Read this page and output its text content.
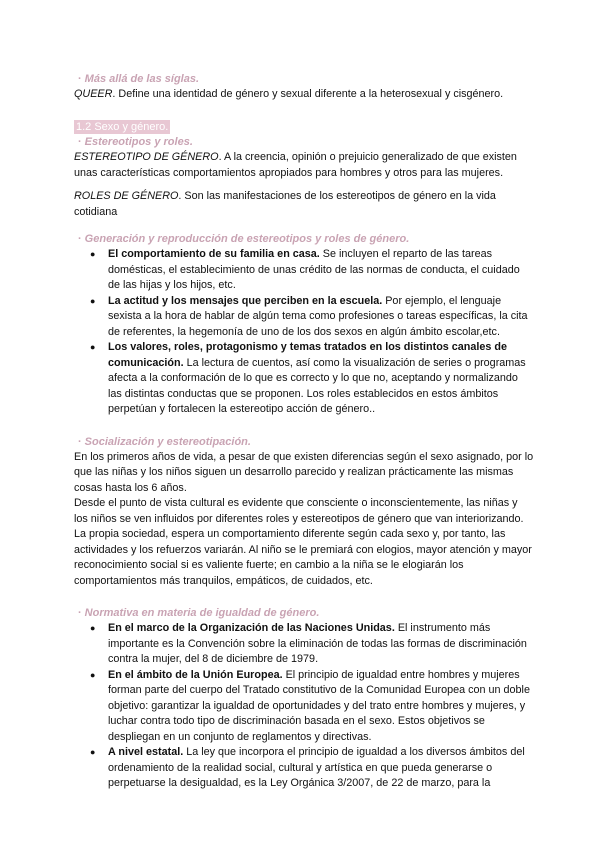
· Más allá de las síglas.

QUEER. Define una identidad de género y sexual diferente a la heterosexual y cisgénero.

1.2 Sexo y género.
· Estereotipos y roles.

ESTEREOTIPO DE GÉNERO. A la creencia, opinión o prejuicio generalizado de que existen unas características comportamientos apropiados para hombres y otros para las mujeres.

ROLES DE GÉNERO. Son las manifestaciones de los estereotipos de género en la vida cotidiana

· Generación y reproducción de estereotipos y roles de género.
● El comportamiento de su familia en casa. Se incluyen el reparto de las tareas domésticas, el establecimiento de unas crédito de las normas de conducta, el cuidado de las hijas y los hijos, etc.
● La actitud y los mensajes que perciben en la escuela. Por ejemplo, el lenguaje sexista a la hora de hablar de algún tema como profesiones o tareas específicas, la cita de referentes, la hegemonía de uno de los dos sexos en algún ámbito escolar,etc.
● Los valores, roles, protagonismo y temas tratados en los distintos canales de comunicación. La lectura de cuentos, así como la visualización de series o programas afecta a la conformación de lo que es correcto y lo que no, aceptando y normalizando las distintas conductas que se proponen. Los roles establecidos en estos ámbitos perpetúan y fortalecen la estereotipo acción de género..
· Socialización y estereotipación.

En los primeros años de vida, a pesar de que existen diferencias según el sexo asignado, por lo que las niñas y los niños siguen un desarrollo parecido y realizan prácticamente las mismas cosas hasta los 6 años.

Desde el punto de vista cultural es evidente que consciente o inconscientemente, las niñas y los niños se ven influidos por diferentes roles y estereotipos de género que van interiorizando.

La propia sociedad, espera un comportamiento diferente según cada sexo y, por tanto, las actividades y los refuerzos variarán. Al niño se le premiará con elogios, mayor atención y mayor reconocimiento social si es valiente fuerte; en cambio a la niña se le elogiarán los comportamientos más tranquilos, empáticos, de cuidados, etc.

· Normativa en materia de igualdad de género.
● En el marco de la Organización de las Naciones Unidas. El instrumento más importante es la Convención sobre la eliminación de todas las formas de discriminación contra la mujer, del 8 de diciembre de 1979.
● En el ámbito de la Unión Europea. El principio de igualdad entre hombres y mujeres forman parte del cuerpo del Tratado constitutivo de la Comunidad Europea con un doble objetivo: garantizar la igualdad de oportunidades y del trato entre hombres y mujeres, y luchar contra todo tipo de discriminación basada en el sexo. Estos objetivos se despliegan en un conjunto de reglamentos y directivas.
● A nivel estatal. La ley que incorpora el principio de igualdad a los diversos ámbitos del ordenamiento de la realidad social, cultural y artística en que pueda generarse o perpetuarse la desigualdad, es la Ley Orgánica 3/2007, de 22 de marzo, para la
